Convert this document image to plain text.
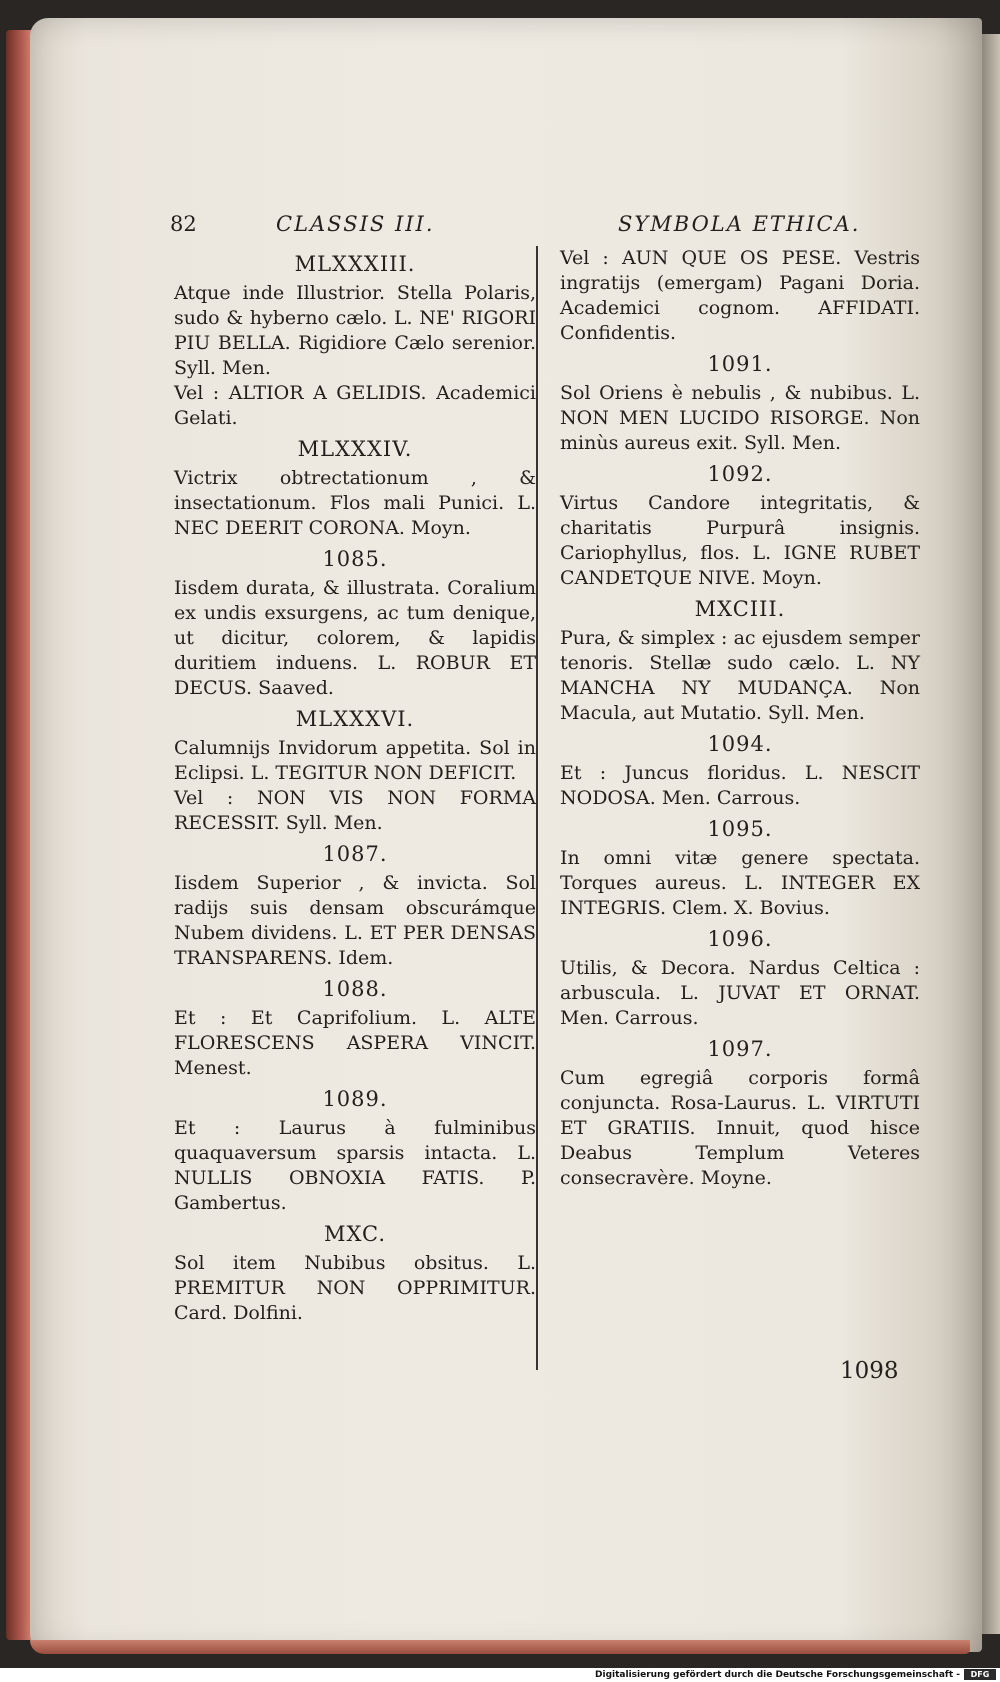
82	CLASSIS III.	SYMBOLA ETHICA.
MLXXXIII.

Atque inde Illustrior. Stella Polaris, sudo & hyberno cælo. L. NE' RIGORI PIU BELLA. Rigidiore Cælo serenior. Syll. Men.

Vel : ALTIOR A GELIDIS. Academici Gelati.

MLXXXIV.

Victrix obtrectationum , & insectationum. Flos mali Punici. L. NEC DEERIT CORONA. Moyn.

1085.

Iisdem durata, & illustrata. Coralium ex undis exsurgens, ac tum denique, ut dicitur, colorem, & lapidis duritiem induens. L. ROBUR ET DECUS. Saaved.

MLXXXVI.

Calumnijs Invidorum appetita. Sol in Eclipsi. L. TEGITUR NON DEFICIT.

Vel : NON VIS NON FORMA RECESSIT. Syll. Men.

1087.

Iisdem Superior , & invicta. Sol radijs suis densam obscurámque Nubem dividens. L. ET PER DENSAS TRANSPARENS. Idem.

1088.

Et : Et Caprifolium. L. ALTE FLORESCENS ASPERA VINCIT. Menest.

1089.

Et : Laurus à fulminibus quaquaversum sparsis intacta. L. NULLIS OBNOXIA FATIS. P. Gambertus.

MXC.

Sol item Nubibus obsitus. L. PREMITUR NON OPPRIMITUR. Card. Dolfini.

Vel : AUN QUE OS PESE. Vestris ingratijs (emergam) Pagani Doria. Academici cognom. AFFIDATI. Confidentis.

1091.

Sol Oriens è nebulis , & nubibus. L. NON MEN LUCIDO RISORGE. Non minùs aureus exit. Syll. Men.

1092.

Virtus Candore integritatis, & charitatis Purpurâ insignis. Cariophyllus, flos. L. IGNE RUBET CANDETQUE NIVE. Moyn.

MXCIII.

Pura, & simplex : ac ejusdem semper tenoris. Stellæ sudo cælo. L. NY MANCHA NY MUDANÇA. Non Macula, aut Mutatio. Syll. Men.

1094.

Et : Juncus floridus. L. NESCIT NODOSA. Men. Carrous.

1095.

In omni vitæ genere spectata. Torques aureus. L. INTEGER EX INTEGRIS. Clem. X. Bovius.

1096.

Utilis, & Decora. Nardus Celtica : arbuscula. L. JUVAT ET ORNAT. Men. Carrous.

1097.

Cum egregiâ corporis formâ conjuncta. Rosa-Laurus. L. VIRTUTI ET GRATIIS. Innuit, quod hisce Deabus Templum Veteres consecravère. Moyne.

1098
Digitalisierung gefördert durch die Deutsche Forschungsgemeinschaft -	DFG
